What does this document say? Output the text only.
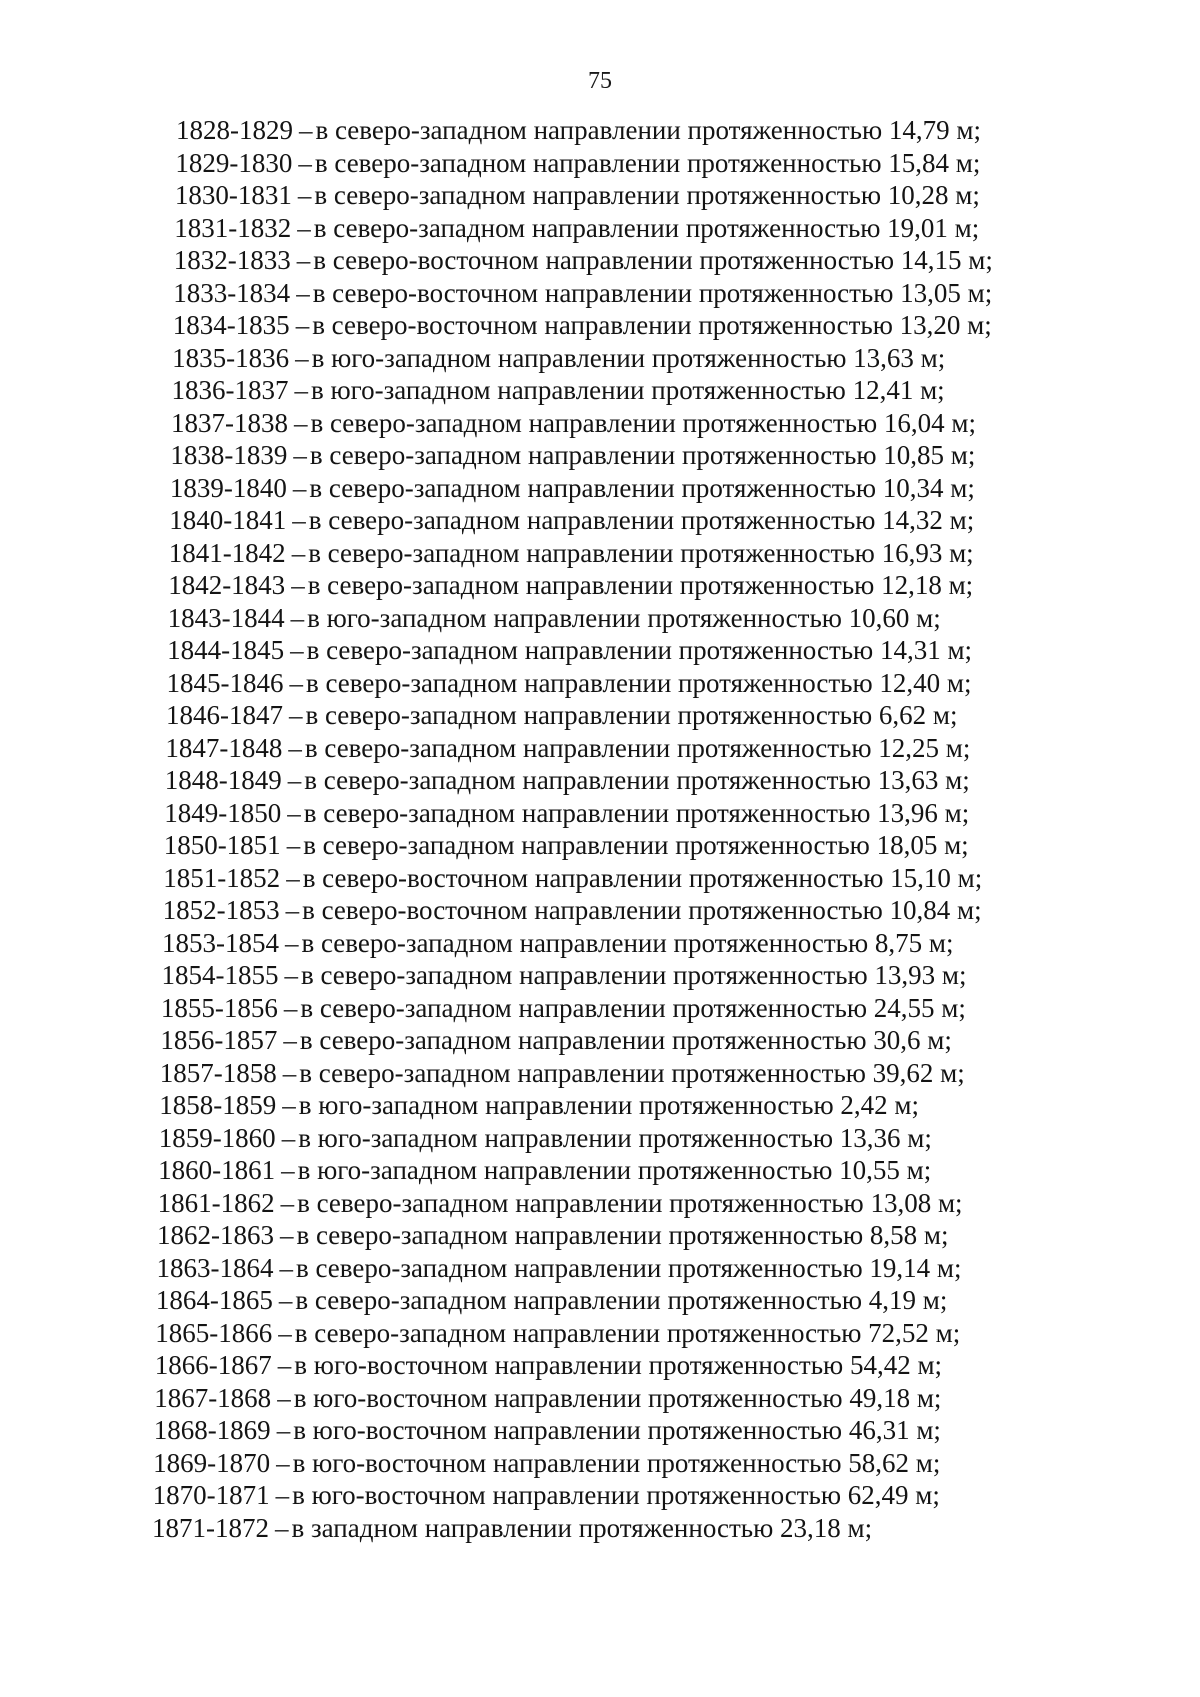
75
1828-1829 – в северо-западном направлении протяженностью 14,79 м;
1829-1830 – в северо-западном направлении протяженностью 15,84 м;
1830-1831 – в северо-западном направлении протяженностью 10,28 м;
1831-1832 – в северо-западном направлении протяженностью 19,01 м;
1832-1833 – в северо-восточном направлении протяженностью 14,15 м;
1833-1834 – в северо-восточном направлении протяженностью 13,05 м;
1834-1835 – в северо-восточном направлении протяженностью 13,20 м;
1835-1836 – в юго-западном направлении протяженностью 13,63 м;
1836-1837 – в юго-западном направлении протяженностью 12,41 м;
1837-1838 – в северо-западном направлении протяженностью 16,04 м;
1838-1839 – в северо-западном направлении протяженностью 10,85 м;
1839-1840 – в северо-западном направлении протяженностью 10,34 м;
1840-1841 – в северо-западном направлении протяженностью 14,32 м;
1841-1842 – в северо-западном направлении протяженностью 16,93 м;
1842-1843 – в северо-западном направлении протяженностью 12,18 м;
1843-1844 – в юго-западном направлении протяженностью 10,60 м;
1844-1845 – в северо-западном направлении протяженностью 14,31 м;
1845-1846 – в северо-западном направлении протяженностью 12,40 м;
1846-1847 – в северо-западном направлении протяженностью 6,62 м;
1847-1848 – в северо-западном направлении протяженностью 12,25 м;
1848-1849 – в северо-западном направлении протяженностью 13,63 м;
1849-1850 – в северо-западном направлении протяженностью 13,96 м;
1850-1851 – в северо-западном направлении протяженностью 18,05 м;
1851-1852 – в северо-восточном направлении протяженностью 15,10 м;
1852-1853 – в северо-восточном направлении протяженностью 10,84 м;
1853-1854 – в северо-западном направлении протяженностью 8,75 м;
1854-1855 – в северо-западном направлении протяженностью 13,93 м;
1855-1856 – в северо-западном направлении протяженностью 24,55 м;
1856-1857 – в северо-западном направлении протяженностью 30,6 м;
1857-1858 – в северо-западном направлении протяженностью 39,62 м;
1858-1859 – в юго-западном направлении протяженностью 2,42 м;
1859-1860 – в юго-западном направлении протяженностью 13,36 м;
1860-1861 – в юго-западном направлении протяженностью 10,55 м;
1861-1862 – в северо-западном направлении протяженностью 13,08 м;
1862-1863 – в северо-западном направлении протяженностью 8,58 м;
1863-1864 – в северо-западном направлении протяженностью 19,14 м;
1864-1865 – в северо-западном направлении протяженностью 4,19 м;
1865-1866 – в северо-западном направлении протяженностью 72,52 м;
1866-1867 – в юго-восточном направлении протяженностью 54,42 м;
1867-1868 – в юго-восточном направлении протяженностью 49,18 м;
1868-1869 – в юго-восточном направлении протяженностью 46,31 м;
1869-1870 – в юго-восточном направлении протяженностью 58,62 м;
1870-1871 – в юго-восточном направлении протяженностью 62,49 м;
1871-1872 – в западном направлении протяженностью 23,18 м;
